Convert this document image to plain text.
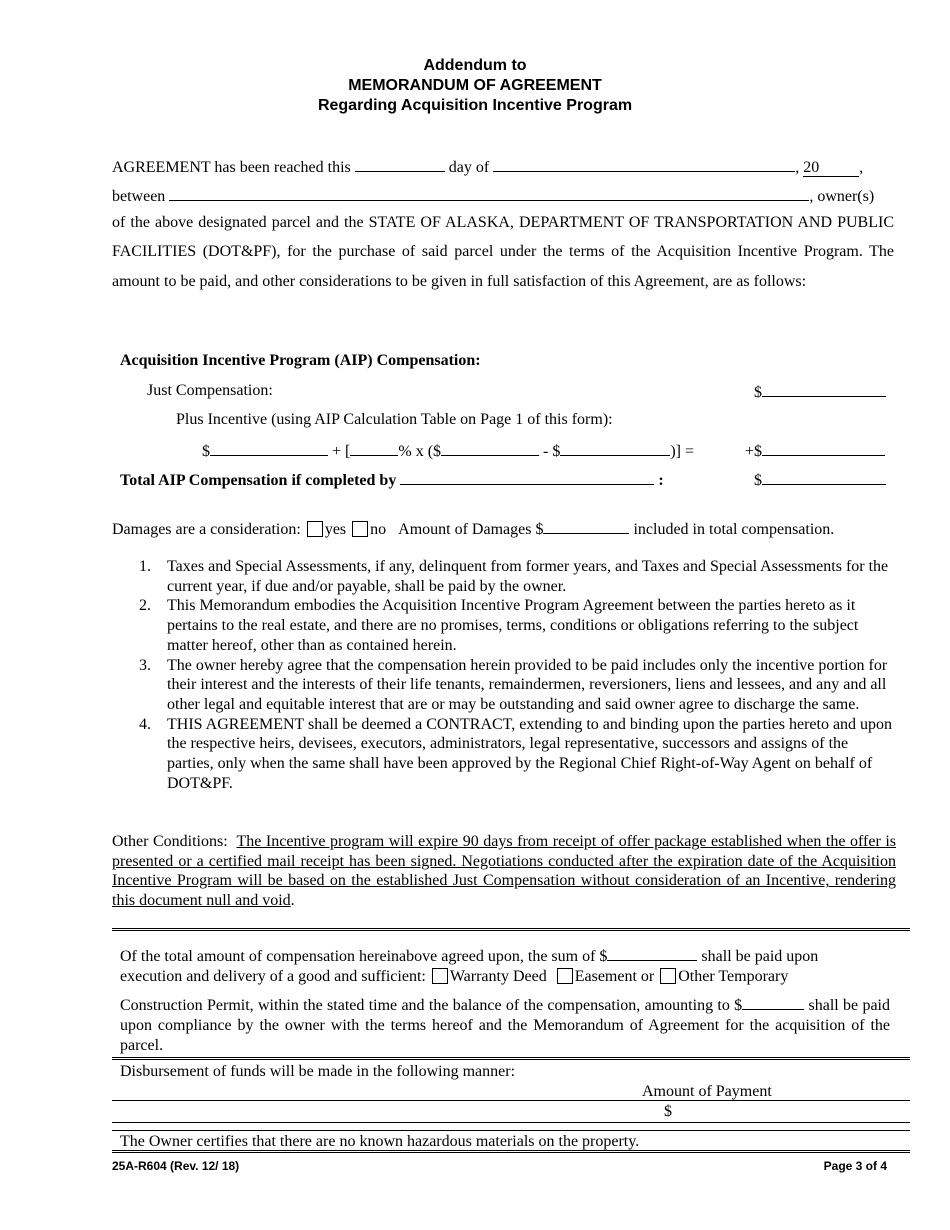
Addendum to
MEMORANDUM OF AGREEMENT
Regarding Acquisition Incentive Program
AGREEMENT has been reached this	day of	, 20	,
between	, owner(s)
of the above designated parcel and the STATE OF ALASKA, DEPARTMENT OF TRANSPORTATION AND PUBLIC FACILITIES (DOT&PF), for the purchase of said parcel under the terms of the Acquisition Incentive Program. The amount to be paid, and other considerations to be given in full satisfaction of this Agreement, are as follows:
Acquisition Incentive Program (AIP) Compensation:
Just Compensation:	$
Plus Incentive (using AIP Calculation Table on Page 1 of this form):
$	+ [	% x ($	- $	)] =	+$
Total AIP Compensation if completed by	:	$
Damages are a consideration: yes no Amount of Damages $	included in total compensation.
1. Taxes and Special Assessments, if any, delinquent from former years, and Taxes and Special Assessments for the current year, if due and/or payable, shall be paid by the owner.
2. This Memorandum embodies the Acquisition Incentive Program Agreement between the parties hereto as it pertains to the real estate, and there are no promises, terms, conditions or obligations referring to the subject matter hereof, other than as contained herein.
3. The owner hereby agree that the compensation herein provided to be paid includes only the incentive portion for their interest and the interests of their life tenants, remaindermen, reversioners, liens and lessees, and any and all other legal and equitable interest that are or may be outstanding and said owner agree to discharge the same.
4. THIS AGREEMENT shall be deemed a CONTRACT, extending to and binding upon the parties hereto and upon the respective heirs, devisees, executors, administrators, legal representative, successors and assigns of the parties, only when the same shall have been approved by the Regional Chief Right-of-Way Agent on behalf of DOT&PF.
Other Conditions: The Incentive program will expire 90 days from receipt of offer package established when the offer is presented or a certified mail receipt has been signed. Negotiations conducted after the expiration date of the Acquisition Incentive Program will be based on the established Just Compensation without consideration of an Incentive, rendering this document null and void.
Of the total amount of compensation hereinabove agreed upon, the sum of $	shall be paid upon
execution and delivery of a good and sufficient: Warranty Deed Easement or Other Temporary
Construction Permit, within the stated time and the balance of the compensation, amounting to $	shall be paid upon compliance by the owner with the terms hereof and the Memorandum of Agreement for the acquisition of the parcel.
Disbursement of funds will be made in the following manner:
Amount of Payment
$
The Owner certifies that there are no known hazardous materials on the property.
25A-R604 (Rev. 12/ 18)	Page 3 of 4
